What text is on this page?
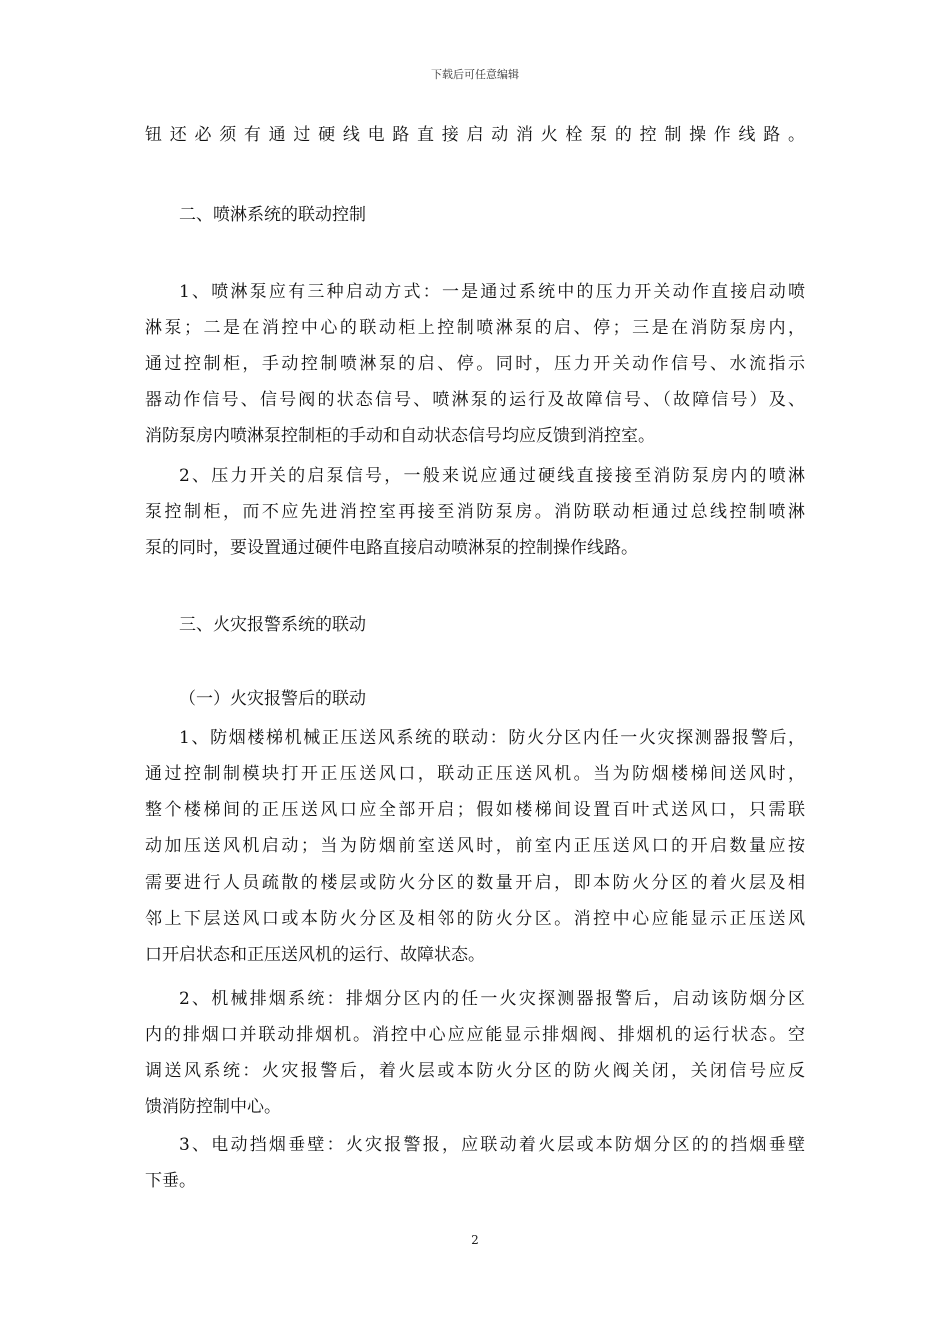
下载后可任意编辑
钮还必须有通过硬线电路直接启动消火栓泵的控制操作线路。
二、喷淋系统的联动控制
1、喷淋泵应有三种启动方式：一是通过系统中的压力开关动作直接启动喷
淋泵；二是在消控中心的联动柜上控制喷淋泵的启、停；三是在消防泵房内，
通过控制柜，手动控制喷淋泵的启、停。同时，压力开关动作信号、水流指示
器动作信号、信号阀的状态信号、喷淋泵的运行及故障信号、（故障信号）及、
消防泵房内喷淋泵控制柜的手动和自动状态信号均应反馈到消控室。
2、压力开关的启泵信号，一般来说应通过硬线直接接至消防泵房内的喷淋
泵控制柜，而不应先进消控室再接至消防泵房。消防联动柜通过总线控制喷淋
泵的同时，要设置通过硬件电路直接启动喷淋泵的控制操作线路。
三、火灾报警系统的联动
（一）火灾报警后的联动
1、防烟楼梯机械正压送风系统的联动：防火分区内任一火灾探测器报警后，
通过控制制模块打开正压送风口，联动正压送风机。当为防烟楼梯间送风时，
整个楼梯间的正压送风口应全部开启；假如楼梯间设置百叶式送风口，只需联
动加压送风机启动；当为防烟前室送风时，前室内正压送风口的开启数量应按
需要进行人员疏散的楼层或防火分区的数量开启，即本防火分区的着火层及相
邻上下层送风口或本防火分区及相邻的防火分区。消控中心应能显示正压送风
口开启状态和正压送风机的运行、故障状态。
2、机械排烟系统：排烟分区内的任一火灾探测器报警后，启动该防烟分区
内的排烟口并联动排烟机。消控中心应应能显示排烟阀、排烟机的运行状态。空
调送风系统：火灾报警后，着火层或本防火分区的防火阀关闭，关闭信号应反
馈消防控制中心。
3、电动挡烟垂壁：火灾报警报，应联动着火层或本防烟分区的的挡烟垂壁
下垂。
2
